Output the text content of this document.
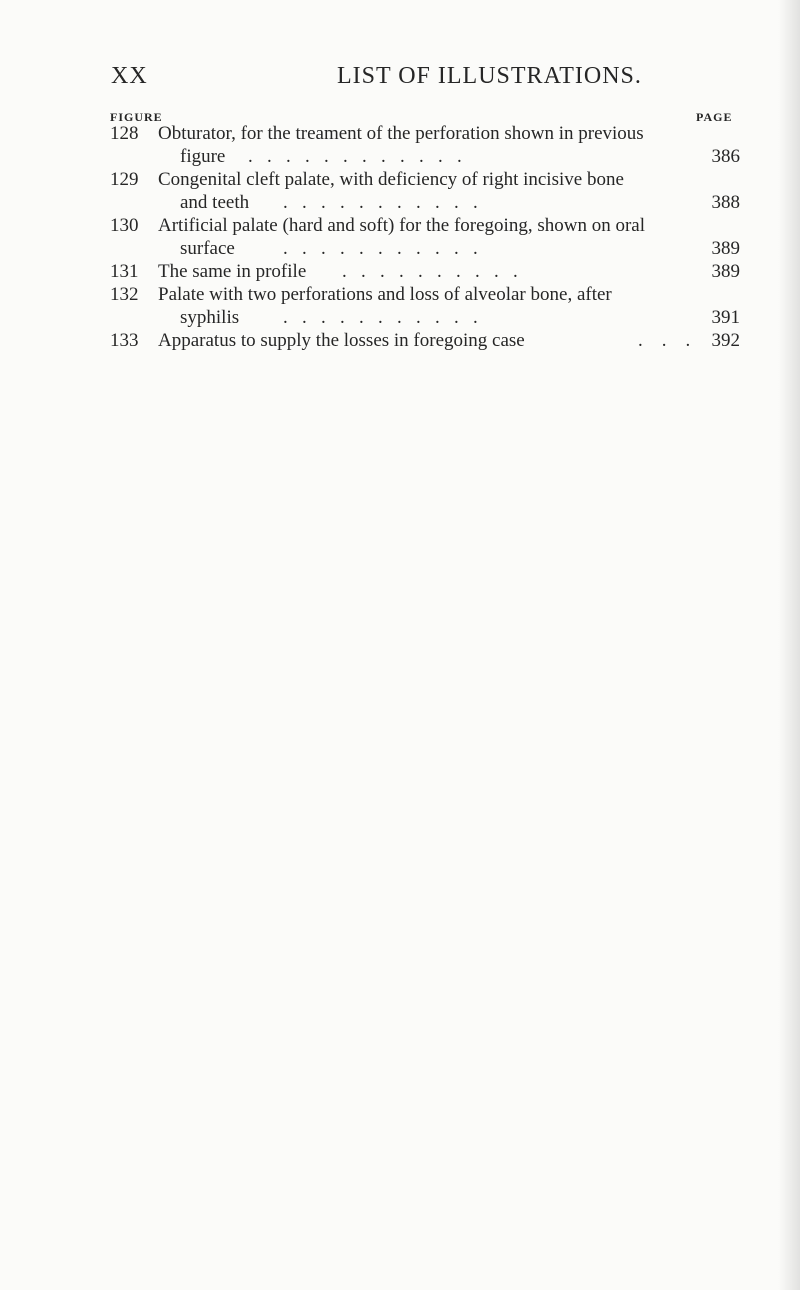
XX	LIST OF ILLUSTRATIONS.
FIGURE	PAGE
128	Obturator, for the treament of the perforation shown in previous
figure .   .   .   .   .   .   .   .   .   .   .   .	386
129	Congenital cleft palate, with deficiency of right incisive bone
and teeth .   .   .   .   .   .   .   .   .   .   .	388
130	Artificial palate (hard and soft) for the foregoing, shown on oral
surface	.   .   .   .   .   .   .   .   .   .   .	389
131	The same in profile .   .   .   .   .   .   .   .   .   .	389
132	Palate with two perforations and loss of alveolar bone, after
syphilis .   .   .   .   .   .   .   .   .   .   .	391
133	Apparatus to supply the losses in foregoing case	.    .    . 392
